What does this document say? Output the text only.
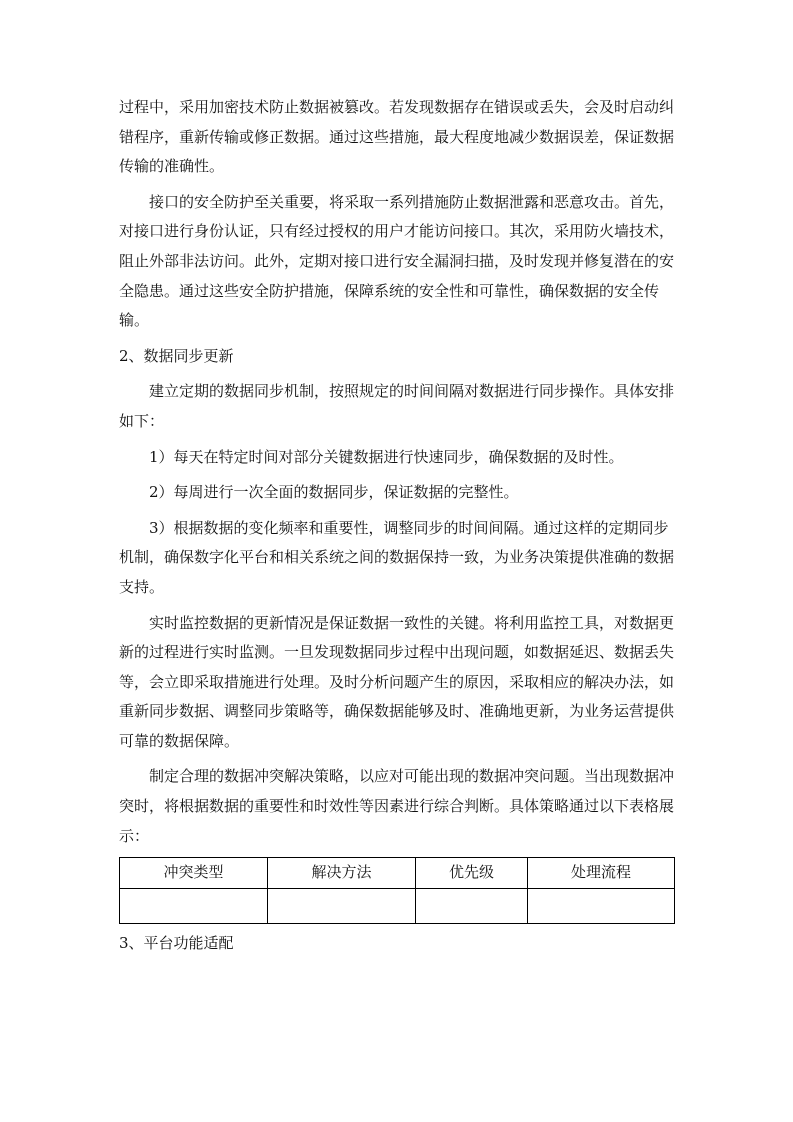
过程中，采用加密技术防止数据被篡改。若发现数据存在错误或丢失，会及时启动纠错程序，重新传输或修正数据。通过这些措施，最大程度地减少数据误差，保证数据传输的准确性。

接口的安全防护至关重要，将采取一系列措施防止数据泄露和恶意攻击。首先，对接口进行身份认证，只有经过授权的用户才能访问接口。其次，采用防火墙技术，阻止外部非法访问。此外，定期对接口进行安全漏洞扫描，及时发现并修复潜在的安全隐患。通过这些安全防护措施，保障系统的安全性和可靠性，确保数据的安全传输。

2、数据同步更新

建立定期的数据同步机制，按照规定的时间间隔对数据进行同步操作。具体安排如下：

1）每天在特定时间对部分关键数据进行快速同步，确保数据的及时性。

2）每周进行一次全面的数据同步，保证数据的完整性。

3）根据数据的变化频率和重要性，调整同步的时间间隔。通过这样的定期同步机制，确保数字化平台和相关系统之间的数据保持一致，为业务决策提供准确的数据支持。

实时监控数据的更新情况是保证数据一致性的关键。将利用监控工具，对数据更新的过程进行实时监测。一旦发现数据同步过程中出现问题，如数据延迟、数据丢失等，会立即采取措施进行处理。及时分析问题产生的原因，采取相应的解决办法，如重新同步数据、调整同步策略等，确保数据能够及时、准确地更新，为业务运营提供可靠的数据保障。

制定合理的数据冲突解决策略，以应对可能出现的数据冲突问题。当出现数据冲突时，将根据数据的重要性和时效性等因素进行综合判断。具体策略通过以下表格展示：

冲突类型	解决方法	优先级	处理流程

3、平台功能适配
